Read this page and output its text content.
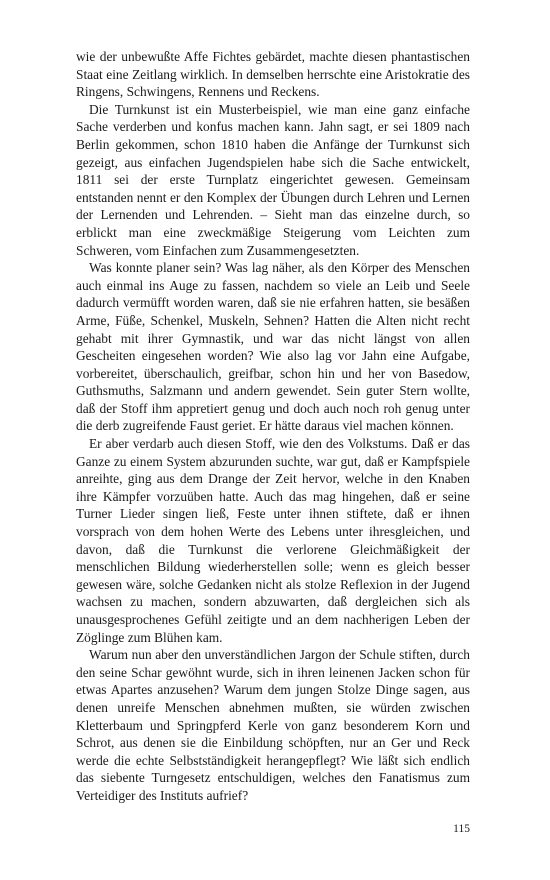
wie der unbewußte Affe Fichtes gebärdet, machte diesen phantastischen Staat eine Zeitlang wirklich. In demselben herrschte eine Aristokratie des Ringens, Schwingens, Rennens und Reckens.

Die Turnkunst ist ein Musterbeispiel, wie man eine ganz einfache Sache verderben und konfus machen kann. Jahn sagt, er sei 1809 nach Berlin gekommen, schon 1810 haben die Anfänge der Turnkunst sich gezeigt, aus einfachen Jugendspielen habe sich die Sache entwickelt, 1811 sei der erste Turnplatz eingerichtet gewesen. Gemeinsam entstanden nennt er den Komplex der Übungen durch Lehren und Lernen der Lernenden und Lehrenden. – Sieht man das einzelne durch, so erblickt man eine zweckmäßige Steigerung vom Leichten zum Schweren, vom Einfachen zum Zusammengesetzten.

Was konnte planer sein? Was lag näher, als den Körper des Menschen auch einmal ins Auge zu fassen, nachdem so viele an Leib und Seele dadurch vermüfft worden waren, daß sie nie erfahren hatten, sie besäßen Arme, Füße, Schenkel, Muskeln, Sehnen? Hatten die Alten nicht recht gehabt mit ihrer Gymnastik, und war das nicht längst von allen Gescheiten eingesehen worden? Wie also lag vor Jahn eine Aufgabe, vorbereitet, überschaulich, greifbar, schon hin und her von Basedow, Guthsmuths, Salzmann und andern gewendet. Sein guter Stern wollte, daß der Stoff ihm appretiert genug und doch auch noch roh genug unter die derb zugreifende Faust geriet. Er hätte daraus viel machen können.

Er aber verdarb auch diesen Stoff, wie den des Volkstums. Daß er das Ganze zu einem System abzurunden suchte, war gut, daß er Kampfspiele anreihte, ging aus dem Drange der Zeit hervor, welche in den Knaben ihre Kämpfer vorzuüben hatte. Auch das mag hingehen, daß er seine Turner Lieder singen ließ, Feste unter ihnen stiftete, daß er ihnen vorsprach von dem hohen Werte des Lebens unter ihresgleichen, und davon, daß die Turnkunst die verlorene Gleichmäßigkeit der menschlichen Bildung wiederherstellen solle; wenn es gleich besser gewesen wäre, solche Gedanken nicht als stolze Reflexion in der Jugend wachsen zu machen, sondern abzuwarten, daß dergleichen sich als unausgesprochenes Gefühl zeitigte und an dem nachherigen Leben der Zöglinge zum Blühen kam.

Warum nun aber den unverständlichen Jargon der Schule stiften, durch den seine Schar gewöhnt wurde, sich in ihren leinenen Jacken schon für etwas Apartes anzusehen? Warum dem jungen Stolze Dinge sagen, aus denen unreife Menschen abnehmen mußten, sie würden zwischen Kletterbaum und Springpferd Kerle von ganz besonderem Korn und Schrot, aus denen sie die Einbildung schöpften, nur an Ger und Reck werde die echte Selbstständigkeit herangepflegt? Wie läßt sich endlich das siebente Turngesetz entschuldigen, welches den Fanatismus zum Verteidiger des Instituts aufrief?

115
